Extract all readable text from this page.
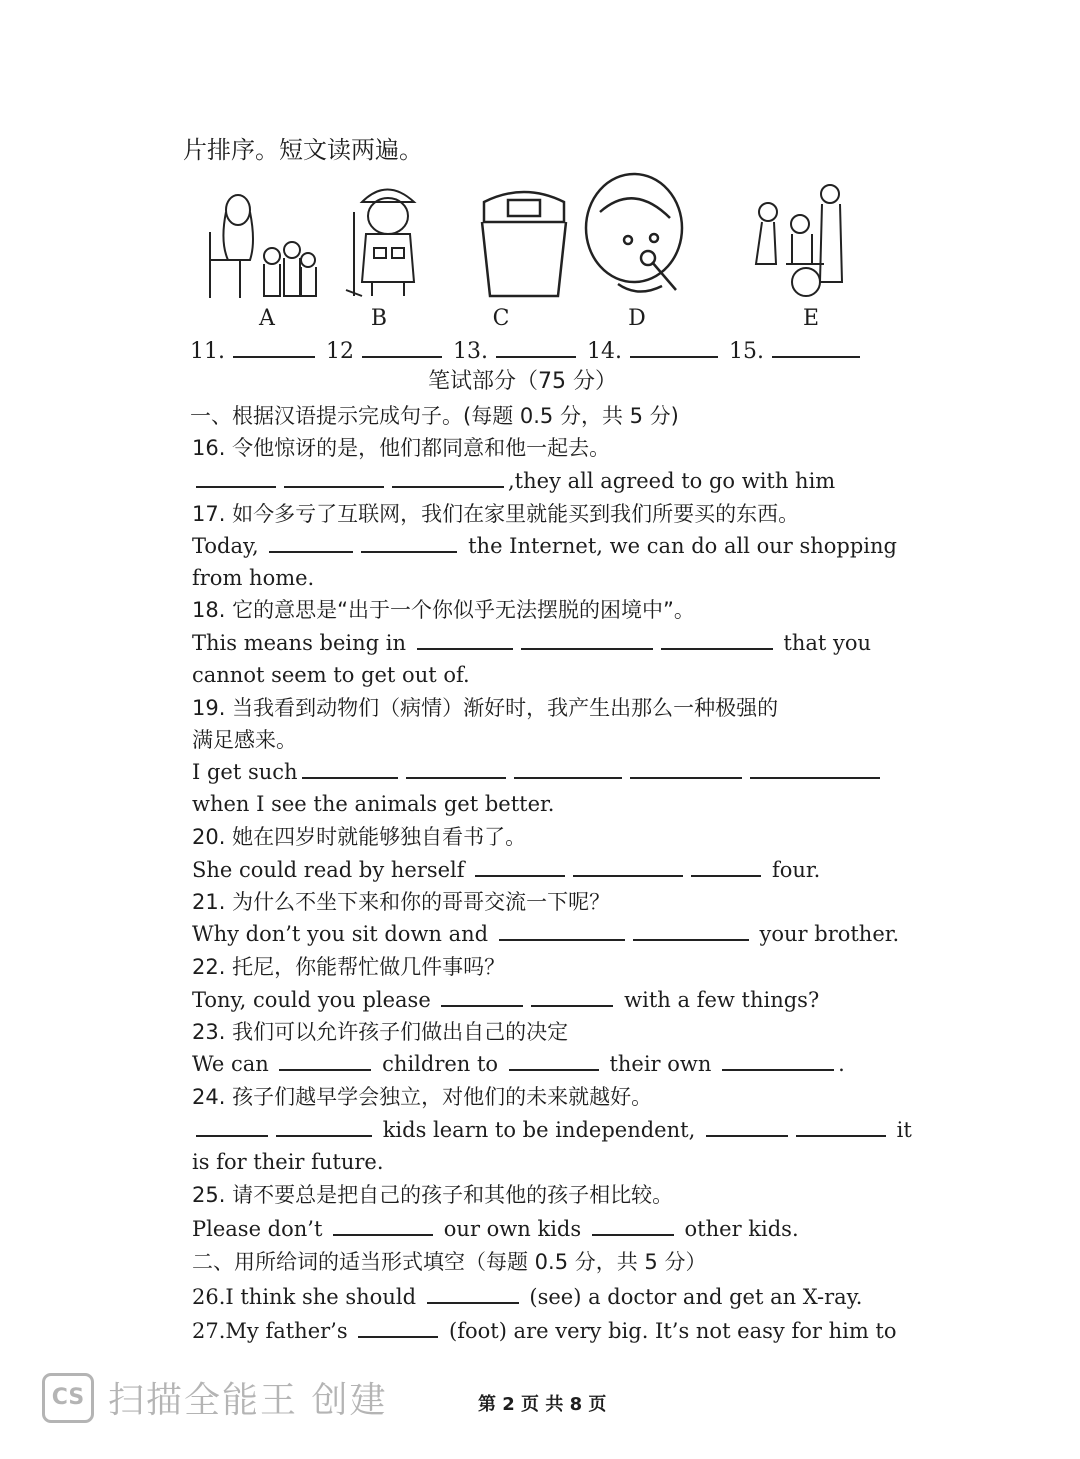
片排序。短文读两遍。
A	B	C	D	E
11.	12	13.	14.	15.
笔试部分（75 分）
一、根据汉语提示完成句子。(每题 0.5 分，共 5 分)
16. 令他惊讶的是，他们都同意和他一起去。
,they all agreed to go with him
17. 如今多亏了互联网，我们在家里就能买到我们所要买的东西。
Today,	the Internet, we can do all our shopping
from home.
18. 它的意思是“出于一个你似乎无法摆脱的困境中”。
This means being in	that you
cannot seem to get out of.
19. 当我看到动物们（病情）渐好时，我产生出那么一种极强的
满足感来。
I get such
when I see the animals get better.
20. 她在四岁时就能够独自看书了。
She could read by herself	four.
21. 为什么不坐下来和你的哥哥交流一下呢？
Why don’t you sit down and	your brother.
22. 托尼，你能帮忙做几件事吗？
Tony, could you please	with a few things?
23. 我们可以允许孩子们做出自己的决定
We can	children to	their own	.
24. 孩子们越早学会独立，对他们的未来就越好。
kids learn to be independent,	it
is for their future.
25. 请不要总是把自己的孩子和其他的孩子相比较。
Please don’t	our own kids	other kids.
二、用所给词的适当形式填空（每题 0.5 分，共 5 分）
26.I think she should	(see) a doctor and get an X-ray.
27.My father’s	(foot) are very big. It’s not easy for him to
CS 扫描全能王 创建	第 2 页 共 8 页
